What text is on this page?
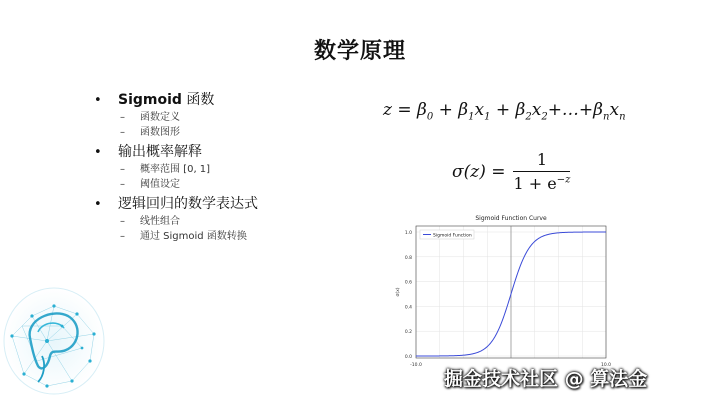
数学原理
• Sigmoid 函数
– 函数定义
– 函数图形
• 输出概率解释
– 概率范围 [0, 1]
– 阈值设定
• 逻辑回归的数学表达式
– 线性组合
– 通过 Sigmoid 函数转换
$z = \beta_0 + \beta_1x_1$ + $\beta_2x_2+\dots+\beta_nx_n$
$\sigma(z) = \frac{1}{1 + e^{-z}}$
Sigmoid Function Curve
0.0
0.2
0.4
0.6
0.8
1.0
-10.0	10.0
σ(x)
Sigmoid Function
掘金技术社区 @ 算法金
